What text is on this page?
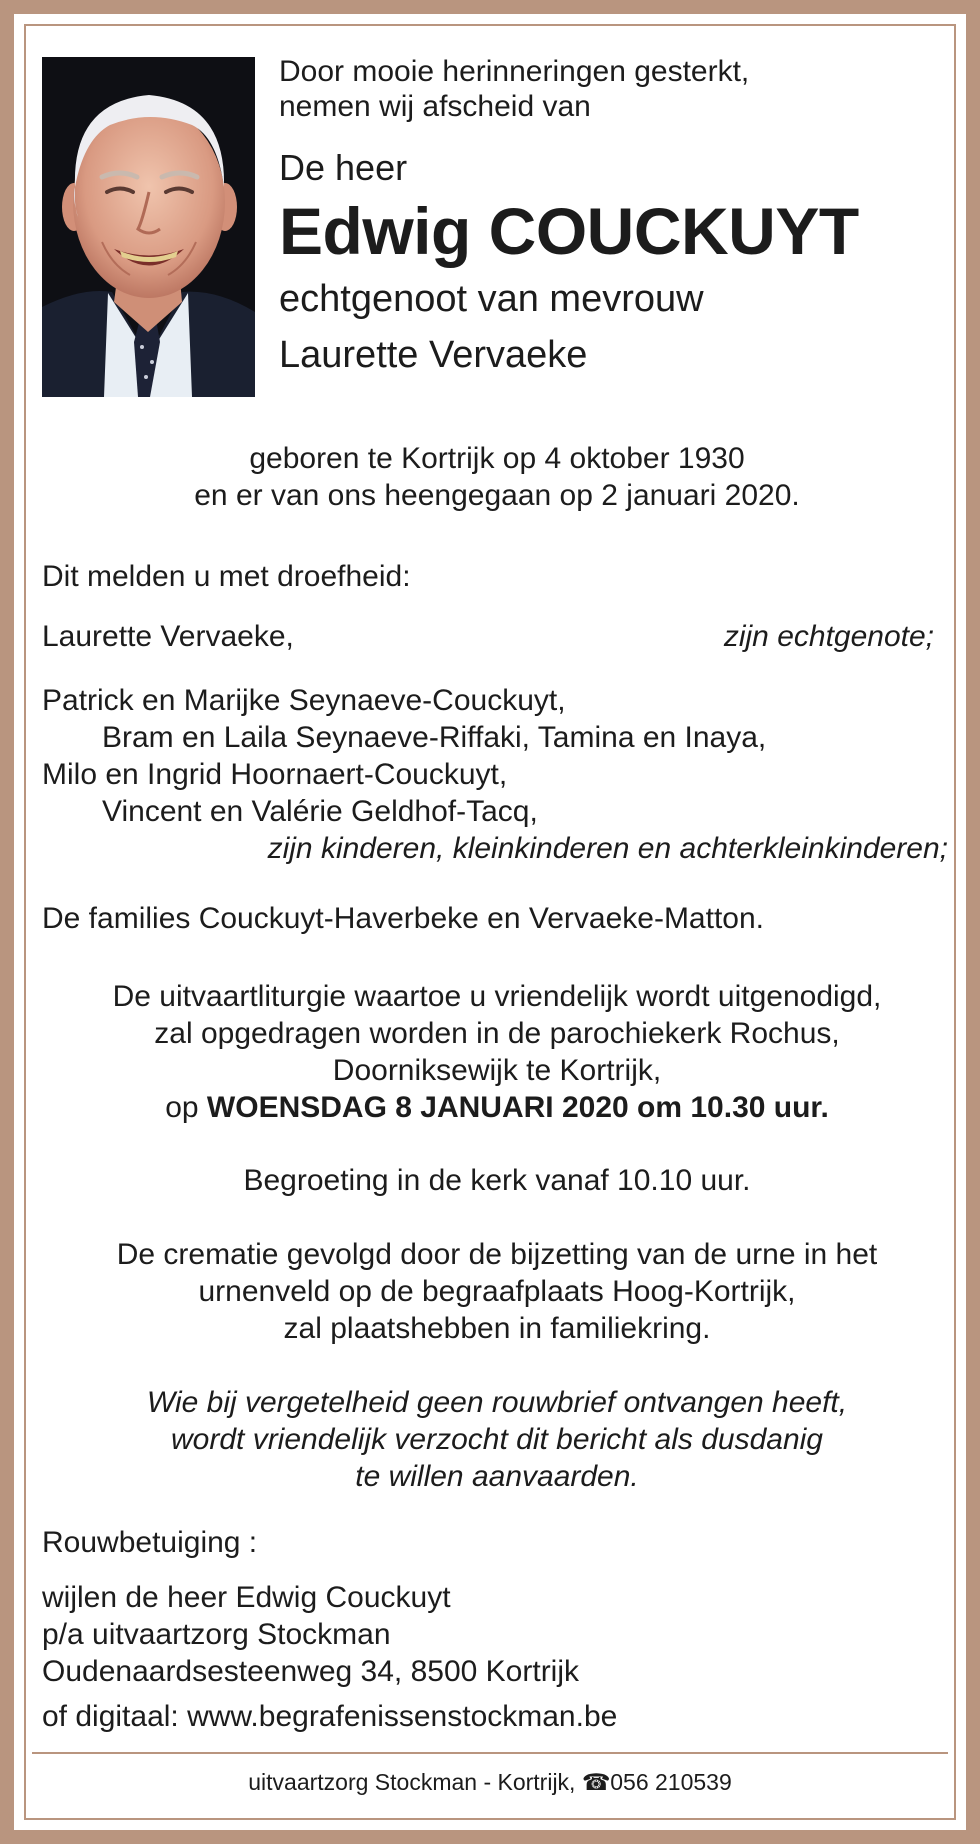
Door mooie herinneringen gesterkt,
nemen wij afscheid van
De heer
Edwig COUCKUYT
echtgenoot van mevrouw
Laurette Vervaeke
geboren te Kortrijk op 4 oktober 1930
en er van ons heengegaan op 2 januari 2020.
Dit melden u met droefheid:
Laurette Vervaeke,	zijn echtgenote;
Patrick en Marijke Seynaeve-Couckuyt,
Bram en Laila Seynaeve-Riffaki, Tamina en Inaya,
Milo en Ingrid Hoornaert-Couckuyt,
Vincent en Valérie Geldhof-Tacq,
zijn kinderen, kleinkinderen en achterkleinkinderen;
De families Couckuyt-Haverbeke en Vervaeke-Matton.
De uitvaartliturgie waartoe u vriendelijk wordt uitgenodigd,
zal opgedragen worden in de parochiekerk Rochus,
Doorniksewijk te Kortrijk,
op WOENSDAG 8 JANUARI 2020 om 10.30 uur.
Begroeting in de kerk vanaf 10.10 uur.
De crematie gevolgd door de bijzetting van de urne in het
urnenveld op de begraafplaats Hoog-Kortrijk,
zal plaatshebben in familiekring.
Wie bij vergetelheid geen rouwbrief ontvangen heeft,
wordt vriendelijk verzocht dit bericht als dusdanig
te willen aanvaarden.
Rouwbetuiging :
wijlen de heer Edwig Couckuyt
p/a uitvaartzorg Stockman
Oudenaardsesteenweg 34, 8500 Kortrijk
of digitaal: www.begrafenissenstockman.be
uitvaartzorg Stockman - Kortrijk, ☎ 056 210539
